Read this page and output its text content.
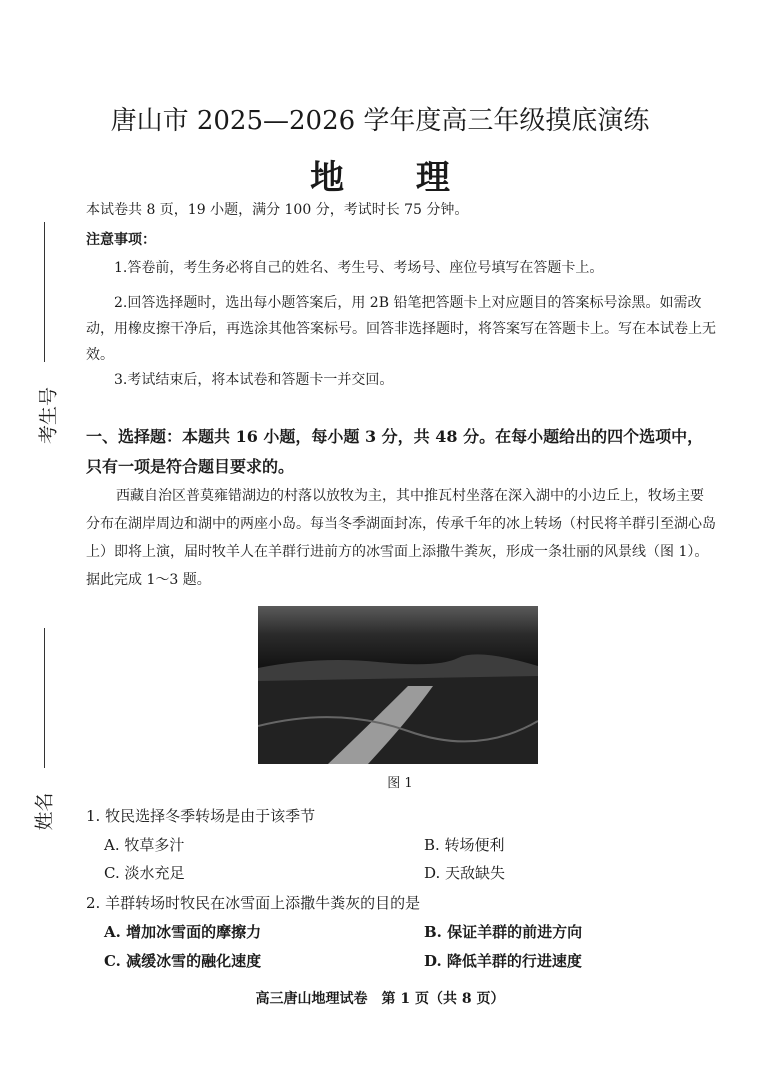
考生号
姓名
唐山市 2025—2026 学年度高三年级摸底演练
地 理
本试卷共 8 页，19 小题，满分 100 分，考试时长 75 分钟。
注意事项：
1.答卷前，考生务必将自己的姓名、考生号、考场号、座位号填写在答题卡上。
2.回答选择题时，选出每小题答案后，用 2B 铅笔把答题卡上对应题目的答案标号涂黑。如需改动，用橡皮擦干净后，再选涂其他答案标号。回答非选择题时，将答案写在答题卡上。写在本试卷上无效。
3.考试结束后，将本试卷和答题卡一并交回。
一、选择题：本题共 16 小题，每小题 3 分，共 48 分。在每小题给出的四个选项中，只有一项是符合题目要求的。
西藏自治区普莫雍错湖边的村落以放牧为主，其中推瓦村坐落在深入湖中的小边丘上，牧场主要分布在湖岸周边和湖中的两座小岛。每当冬季湖面封冻，传承千年的冰上转场（村民将羊群引至湖心岛上）即将上演，届时牧羊人在羊群行进前方的冰雪面上添撒牛粪灰，形成一条壮丽的风景线（图 1）。据此完成 1～3 题。
图 1
1. 牧民选择冬季转场是由于该季节
A. 牧草多汁	B. 转场便利
C. 淡水充足	D. 天敌缺失
2. 羊群转场时牧民在冰雪面上添撒牛粪灰的目的是
A. 增加冰雪面的摩擦力	B. 保证羊群的前进方向
C. 减缓冰雪的融化速度	D. 降低羊群的行进速度
高三唐山地理试卷　第 1 页（共 8 页）
